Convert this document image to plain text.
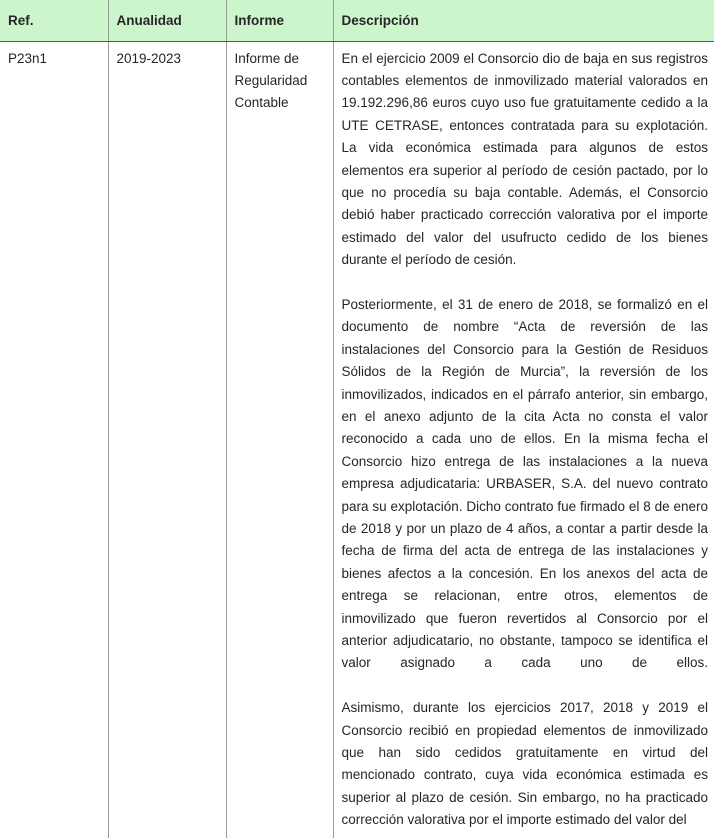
Ref.	Anualidad	Informe	Descripción
P23n1	2019-2023	Informe de Regularidad Contable	En el ejercicio 2009 el Consorcio dio de baja en sus registros contables elementos de inmovilizado material valorados en 19.192.296,86 euros cuyo uso fue gratuitamente cedido a la UTE CETRASE, entonces contratada para su explotación. La vida económica estimada para algunos de estos elementos era superior al período de cesión pactado, por lo que no procedía su baja contable. Además, el Consorcio debió haber practicado corrección valorativa por el importe estimado del valor del usufructo cedido de los bienes durante el período de cesión.

Posteriormente, el 31 de enero de 2018, se formalizó en el documento de nombre “Acta de reversión de las instalaciones del Consorcio para la Gestión de Residuos Sólidos de la Región de Murcia”, la reversión de los inmovilizados, indicados en el párrafo anterior, sin embargo, en el anexo adjunto de la cita Acta no consta el valor reconocido a cada uno de ellos. En la misma fecha el Consorcio hizo entrega de las instalaciones a la nueva empresa adjudicataria: URBASER, S.A. del nuevo contrato para su explotación. Dicho contrato fue firmado el 8 de enero de 2018 y por un plazo de 4 años, a contar a partir desde la fecha de firma del acta de entrega de las instalaciones y bienes afectos a la concesión. En los anexos del acta de entrega se relacionan, entre otros, elementos de inmovilizado que fueron revertidos al Consorcio por el anterior adjudicatario, no obstante, tampoco se identifica el valor asignado a cada uno de ellos.

Asimismo, durante los ejercicios 2017, 2018 y 2019 el Consorcio recibió en propiedad elementos de inmovilizado que han sido cedidos gratuitamente en virtud del mencionado contrato, cuya vida económica estimada es superior al plazo de cesión. Sin embargo, no ha practicado corrección valorativa por el importe estimado del valor del
